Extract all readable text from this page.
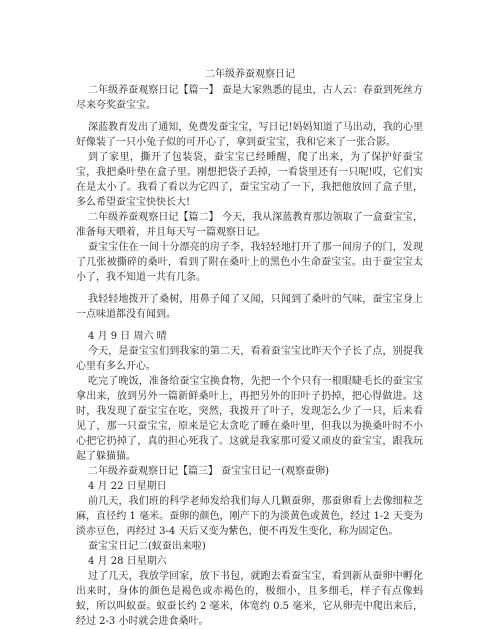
二年级养蚕观察日记

二年级养蚕观察日记【篇一】 蚕是大家熟悉的昆虫，古人云：春蚕到死丝方尽来夸奖蚕宝宝。

深蓝教育发出了通知，免费发蚕宝宝，写日记!妈妈知道了马出动，我的心里好像装了一只小兔子似的可开心了，拿到蚕宝宝，我和它来了一张合影。

到了家里，撕开了包装袋，蚕宝宝已经睡醒，爬了出来，为了保护好蚕宝宝，我把桑叶垫在盒子里。刚想把袋子丢掉，一看袋里还有一只呢!哎，它们实在是太小了。我看了看以为它四了，蚕宝宝动了一下，我把他放回了盒子里，多么希望蚕宝宝快快长大!

二年级养蚕观察日记【篇二】 今天，我从深蓝教育那边领取了一盒蚕宝宝，准备每天喂着，并且每天写一篇观察日记。

蚕宝宝住在一间十分漂亮的房子李，我轻轻地打开了那一间房子的门，发现了几张被撕碎的桑叶，看到了附在桑叶上的黑色小生命蚕宝宝。由于蚕宝宝太小了，我不知道一共有几条。

我轻轻地拨开了桑树，用鼻子闻了又闻，只闻到了桑叶的气味，蚕宝宝身上一点味道都没有闻到。

4 月 9 日 周六 晴

今天，是蚕宝宝们到我家的第二天，看着蚕宝宝比昨天个子长了点，别提我心里有多么开心。

吃完了晚饭，准备给蚕宝宝换食物，先把一个个只有一根眼睫毛长的蚕宝宝拿出来，放到另外一篇新鲜桑叶上，再把另外的旧叶子扔掉，把心得做进。这时，我发现了蚕宝宝在吃，突然，我拨开了叶子，发现怎么少了一只，后来看见了，那一只蚕宝宝，原来是它太贪吃了睡在桑叶里，但我以为换桑叶时不小心把它扔掉了，真的担心死我了。这就是我家那可爱又顽皮的蚕宝宝，跟我玩起了躲猫猫。

二年级养蚕观察日记【篇三】 蚕宝宝日记一(观察蚕卵)

4 月 22 日星期日

前几天，我们班的科学老师发给我们每人几颗蚕卵，那蚕卵看上去像细粒芝麻，直径约 1 毫米。蚕卵的颜色，刚产下的为淡黄色或黄色，经过 1-2 天变为淡赤豆色，再经过 3-4 天后又变为紫色，便不再发生变化，称为固定色。

蚕宝宝日记二(蚁蚕出来啦)

4 月 28 日星期六

过了几天，我放学回家，放下书包，就跑去看蚕宝宝，看到新从蚕卵中孵化出来时，身体的颜色是褐色或赤褐色的，极细小，且多细毛，样子有点像蚂蚁，所以叫蚁蚕。蚁蚕长约 2 毫米，体宽约 0.5 毫米，它从卵壳中爬出来后，经过 2-3 小时就会进食桑叶。
